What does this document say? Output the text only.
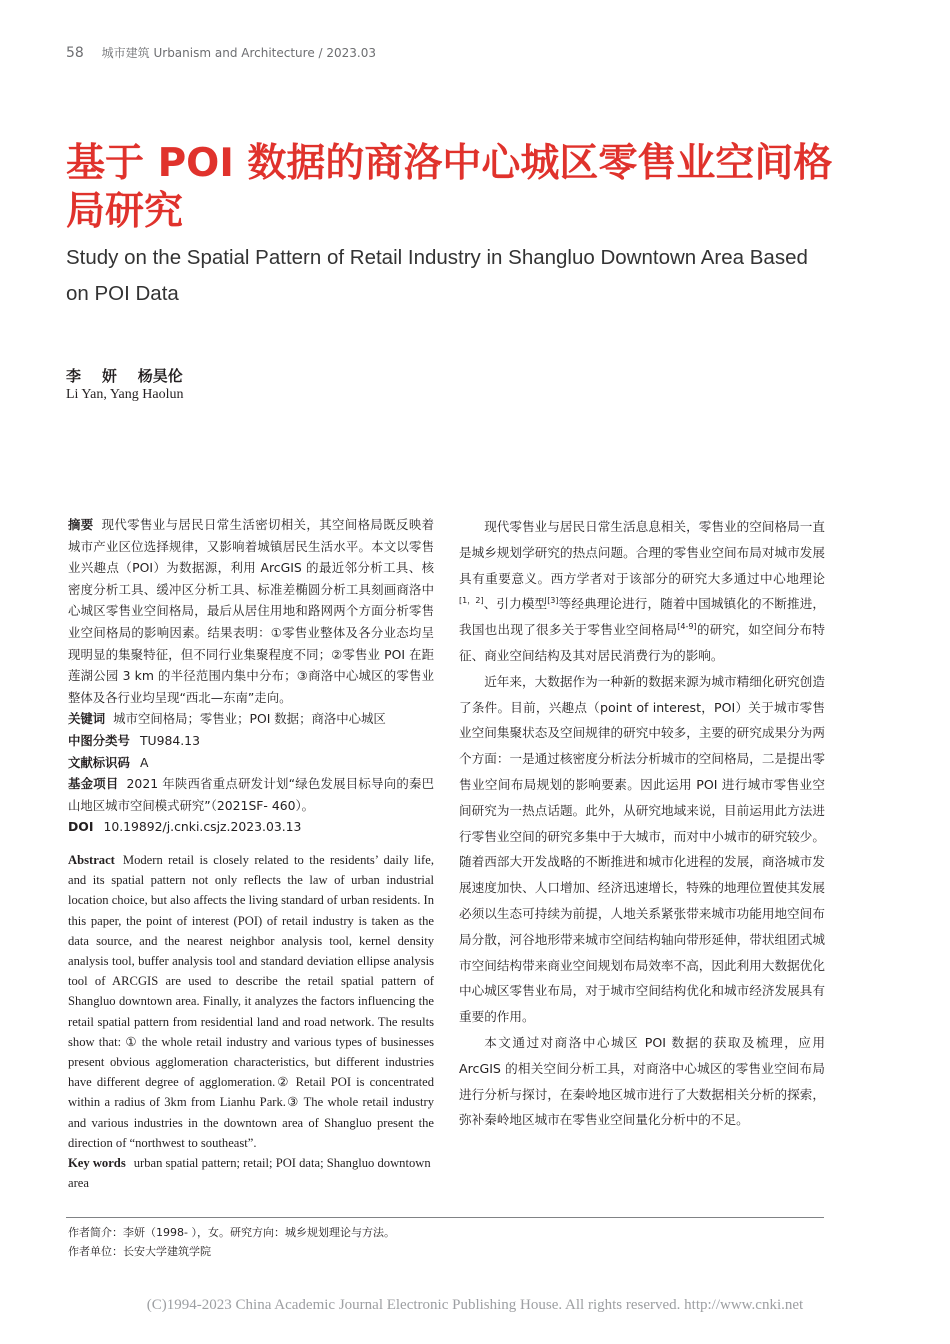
58 城市建筑 Urbanism and Architecture / 2023.03
基于 POI 数据的商洛中心城区零售业空间格局研究
Study on the Spatial Pattern of Retail Industry in Shangluo Downtown Area Based on POI Data
李    妍    杨昊伦
Li Yan, Yang Haolun

摘要 现代零售业与居民日常生活密切相关，其空间格局既反映着城市产业区位选择规律，又影响着城镇居民生活水平。本文以零售业兴趣点（POI）为数据源，利用 ArcGIS 的最近邻分析工具、核密度分析工具、缓冲区分析工具、标准差椭圆分析工具刻画商洛中心城区零售业空间格局，最后从居住用地和路网两个方面分析零售业空间格局的影响因素。结果表明：①零售业整体及各分业态均呈现明显的集聚特征，但不同行业集聚程度不同；②零售业 POI 在距莲湖公园 3 km 的半径范围内集中分布；③商洛中心城区的零售业整体及各行业均呈现“西北—东南”走向。

关键词 城市空间格局；零售业；POI 数据；商洛中心城区

中图分类号 TU984.13
文献标识码 A

基金项目 2021 年陕西省重点研发计划“绿色发展目标导向的秦巴山地区城市空间模式研究”（2021SF- 460）。

DOI 10.19892/j.cnki.csjz.2023.03.13
Abstract Modern retail is closely related to the residents’ daily life, and its spatial pattern not only reflects the law of urban industrial location choice, but also affects the living standard of urban residents. In this paper, the point of interest (POI) of retail industry is taken as the data source, and the nearest neighbor analysis tool, kernel density analysis tool, buffer analysis tool and standard deviation ellipse analysis tool of ARCGIS are used to describe the retail spatial pattern of Shangluo downtown area. Finally, it analyzes the factors influencing the retail spatial pattern from residential land and road network. The results show that: ① the whole retail industry and various types of businesses present obvious agglomeration characteristics, but different industries have different degree of agglomeration.② Retail POI is concentrated within a radius of 3km from Lianhu Park.③ The whole retail industry and various industries in the downtown area of Shangluo present the direction of “northwest to southeast”.
Key words urban spatial pattern; retail; POI data; Shangluo downtown area

现代零售业与居民日常生活息息相关，零售业的空间格局一直是城乡规划学研究的热点问题。合理的零售业空间布局对城市发展具有重要意义。西方学者对于该部分的研究大多通过中心地理论[1，2]、引力模型[3]等经典理论进行，随着中国城镇化的不断推进，我国也出现了很多关于零售业空间格局[4-9]的研究，如空间分布特征、商业空间结构及其对居民消费行为的影响。

近年来，大数据作为一种新的数据来源为城市精细化研究创造了条件。目前，兴趣点（point of interest，POI）关于城市零售业空间集聚状态及空间规律的研究中较多，主要的研究成果分为两个方面：一是通过核密度分析法分析城市的空间格局，二是提出零售业空间布局规划的影响要素。因此运用 POI 进行城市零售业空间研究为一热点话题。此外，从研究地域来说，目前运用此方法进行零售业空间的研究多集中于大城市，而对中小城市的研究较少。随着西部大开发战略的不断推进和城市化进程的发展，商洛城市发展速度加快、人口增加、经济迅速增长，特殊的地理位置使其发展必须以生态可持续为前提，人地关系紧张带来城市功能用地空间布局分散，河谷地形带来城市空间结构轴向带形延伸，带状组团式城市空间结构带来商业空间规划布局效率不高，因此利用大数据优化中心城区零售业布局，对于城市空间结构优化和城市经济发展具有重要的作用。

本文通过对商洛中心城区 POI 数据的获取及梳理，应用 ArcGIS 的相关空间分析工具，对商洛中心城区的零售业空间布局进行分析与探讨，在秦岭地区城市进行了大数据相关分析的探索，弥补秦岭地区城市在零售业空间量化分析中的不足。

作者简介：李妍（1998- ），女。研究方向：城乡规划理论与方法。
作者单位：长安大学建筑学院
(C)1994-2023 China Academic Journal Electronic Publishing House. All rights reserved. http://www.cnki.net
